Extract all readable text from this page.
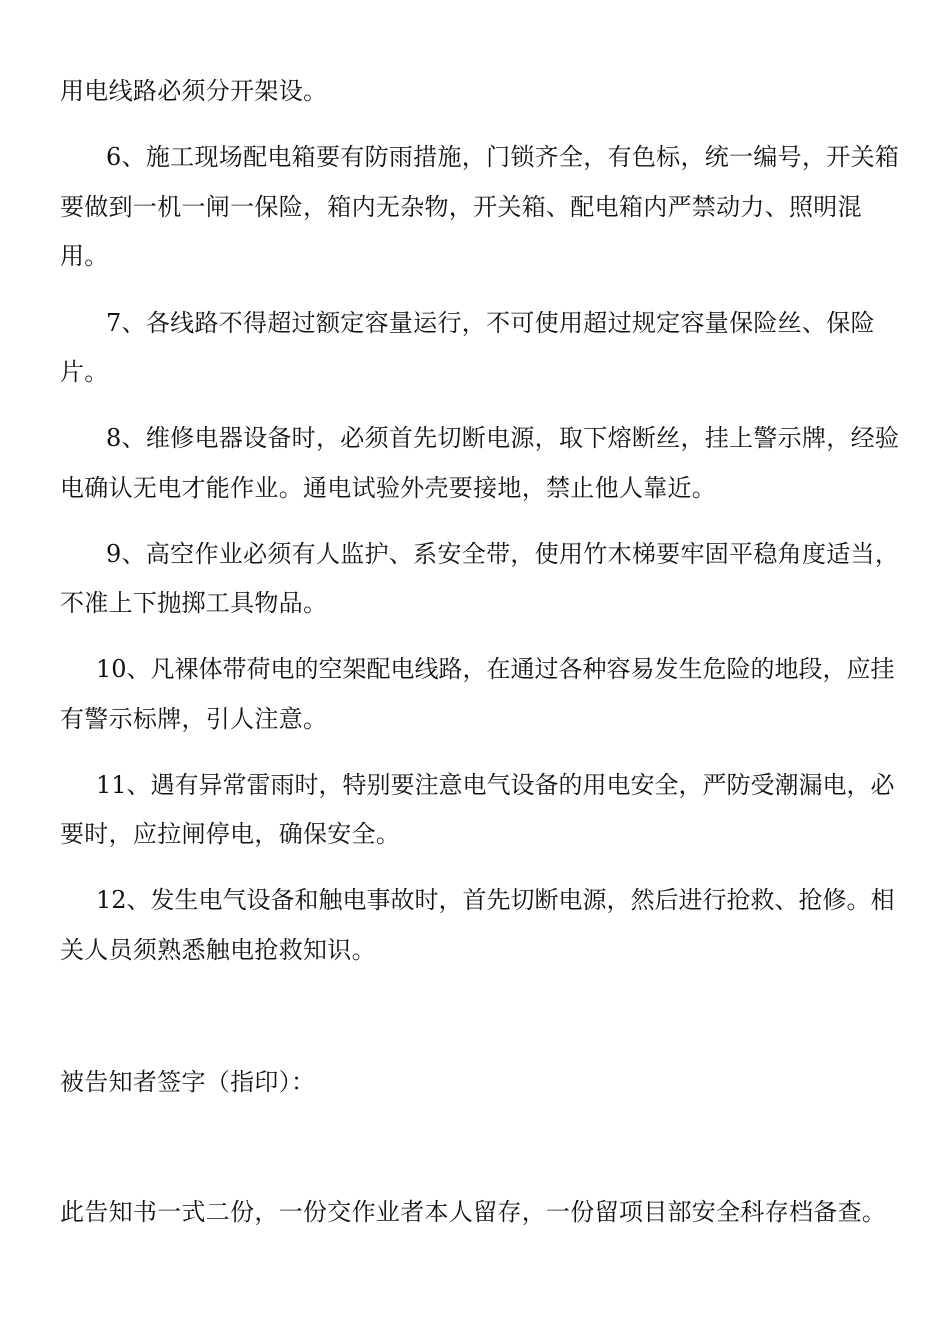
用电线路必须分开架设。
6、施工现场配电箱要有防雨措施，门锁齐全，有色标，统一编号，开关箱
要做到一机一闸一保险，箱内无杂物，开关箱、配电箱内严禁动力、照明混
用。
7、各线路不得超过额定容量运行，不可使用超过规定容量保险丝、保险
片。
8、维修电器设备时，必须首先切断电源，取下熔断丝，挂上警示牌，经验
电确认无电才能作业。通电试验外壳要接地，禁止他人靠近。
9、高空作业必须有人监护、系安全带，使用竹木梯要牢固平稳角度适当，
不准上下抛掷工具物品。
10、凡裸体带荷电的空架配电线路，在通过各种容易发生危险的地段，应挂
有警示标牌，引人注意。
11、遇有异常雷雨时，特别要注意电气设备的用电安全，严防受潮漏电，必
要时，应拉闸停电，确保安全。
12、发生电气设备和触电事故时，首先切断电源，然后进行抢救、抢修。相
关人员须熟悉触电抢救知识。
被告知者签字（指印）：
此告知书一式二份，一份交作业者本人留存，一份留项目部安全科存档备查。
